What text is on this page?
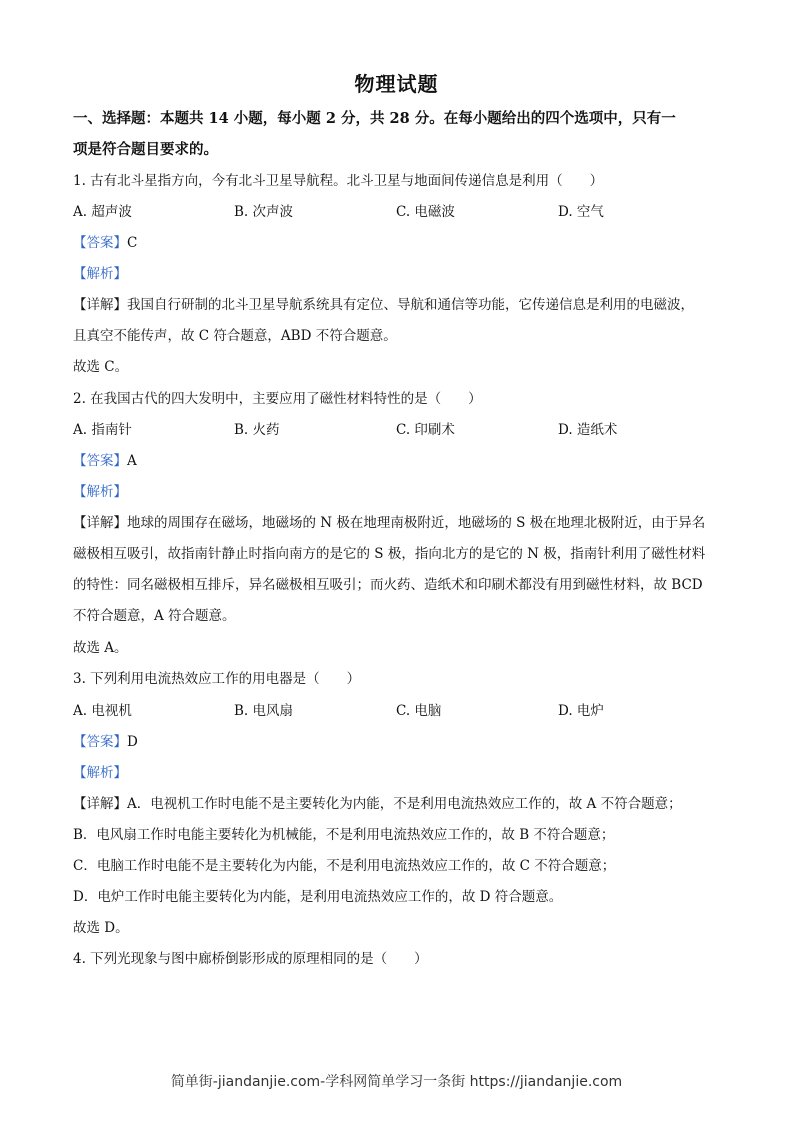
物理试题
一、选择题：本题共 14 小题，每小题 2 分，共 28 分。在每小题给出的四个选项中，只有一
项是符合题目要求的。
1. 古有北斗星指方向，今有北斗卫星导航程。北斗卫星与地面间传递信息是利用（　　）
A. 超声波	B. 次声波	C. 电磁波	D. 空气
【答案】C
【解析】
【详解】我国自行研制的北斗卫星导航系统具有定位、导航和通信等功能，它传递信息是利用的电磁波，
且真空不能传声，故 C 符合题意，ABD 不符合题意。
故选 C。
2. 在我国古代的四大发明中，主要应用了磁性材料特性的是（　　）
A. 指南针	B. 火药	C. 印刷术	D. 造纸术
【答案】A
【解析】
【详解】地球的周围存在磁场，地磁场的 N 极在地理南极附近，地磁场的 S 极在地理北极附近，由于异名
磁极相互吸引，故指南针静止时指向南方的是它的 S 极，指向北方的是它的 N 极，指南针利用了磁性材料
的特性：同名磁极相互排斥，异名磁极相互吸引；而火药、造纸术和印刷术都没有用到磁性材料，故 BCD
不符合题意，A 符合题意。
故选 A。
3. 下列利用电流热效应工作的用电器是（　　）
A. 电视机	B. 电风扇	C. 电脑	D. 电炉
【答案】D
【解析】
【详解】A．电视机工作时电能不是主要转化为内能，不是利用电流热效应工作的，故 A 不符合题意；
B．电风扇工作时电能主要转化为机械能，不是利用电流热效应工作的，故 B 不符合题意；
C．电脑工作时电能不是主要转化为内能，不是利用电流热效应工作的，故 C 不符合题意；
D．电炉工作时电能主要转化为内能，是利用电流热效应工作的，故 D 符合题意。
故选 D。
4. 下列光现象与图中廊桥倒影形成的原理相同的是（　　）
简单街-jiandanjie.com-学科网简单学习一条街 https://jiandanjie.com
